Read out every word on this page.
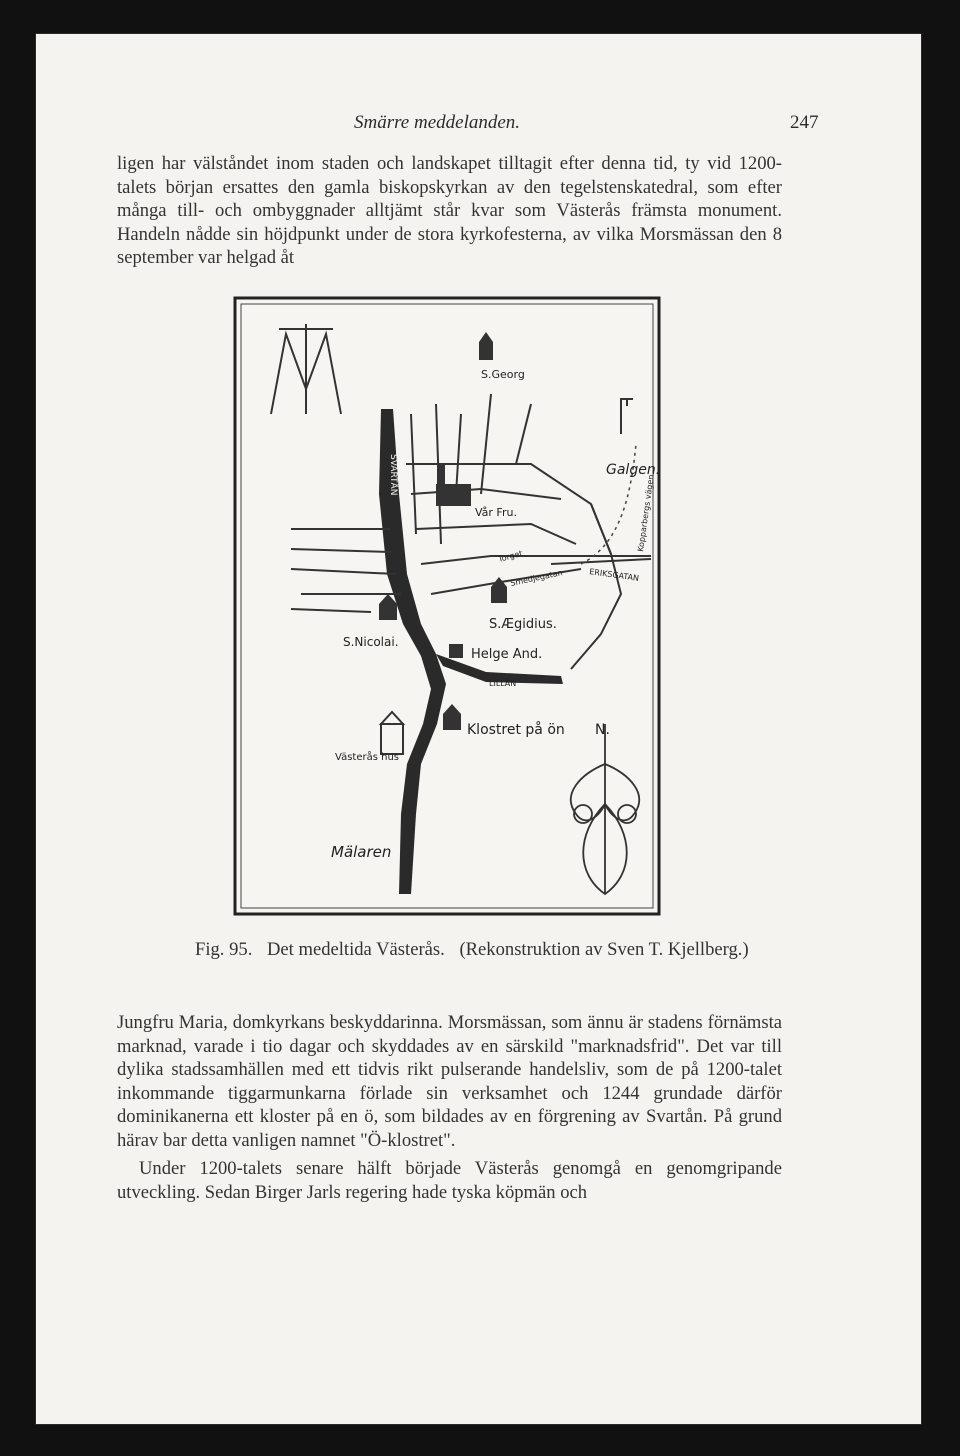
Smärre meddelanden.	247

ligen har välståndet inom staden och landskapet tilltagit efter denna tid, ty vid 1200-talets början ersattes den gamla biskopskyrkan av den tegelstenskatedral, som efter många till- och ombyggnader alltjämt står kvar som Västerås främsta monument. Handeln nådde sin höjdpunkt under de stora kyrkofesterna, av vilka Morsmässan den 8 september var helgad åt

S.Georg
Galgen.
Kopparbergs vägen.
ERIKSGATAN
SVARTÅN
Vår Fru.
Torget
Smedjegatan
S.Nicolai.
S.Ægidius.
Helge And.
LILLÅN
Klostret på ön
Västerås hus
Mälaren
N.
Fig. 95. Det medeltida Västerås. (Rekonstruktion av Sven T. Kjellberg.)

Jungfru Maria, domkyrkans beskyddarinna. Morsmässan, som ännu är stadens förnämsta marknad, varade i tio dagar och skyddades av en särskild "marknadsfrid". Det var till dylika stadssamhällen med ett tidvis rikt pulserande handelsliv, som de på 1200-talet inkommande tiggarmunkarna förlade sin verksamhet och 1244 grundade därför dominikanerna ett kloster på en ö, som bildades av en förgrening av Svartån. På grund härav bar detta vanligen namnet "Ö-klostret".

Under 1200-talets senare hälft började Västerås genomgå en genomgripande utveckling. Sedan Birger Jarls regering hade tyska köpmän och
